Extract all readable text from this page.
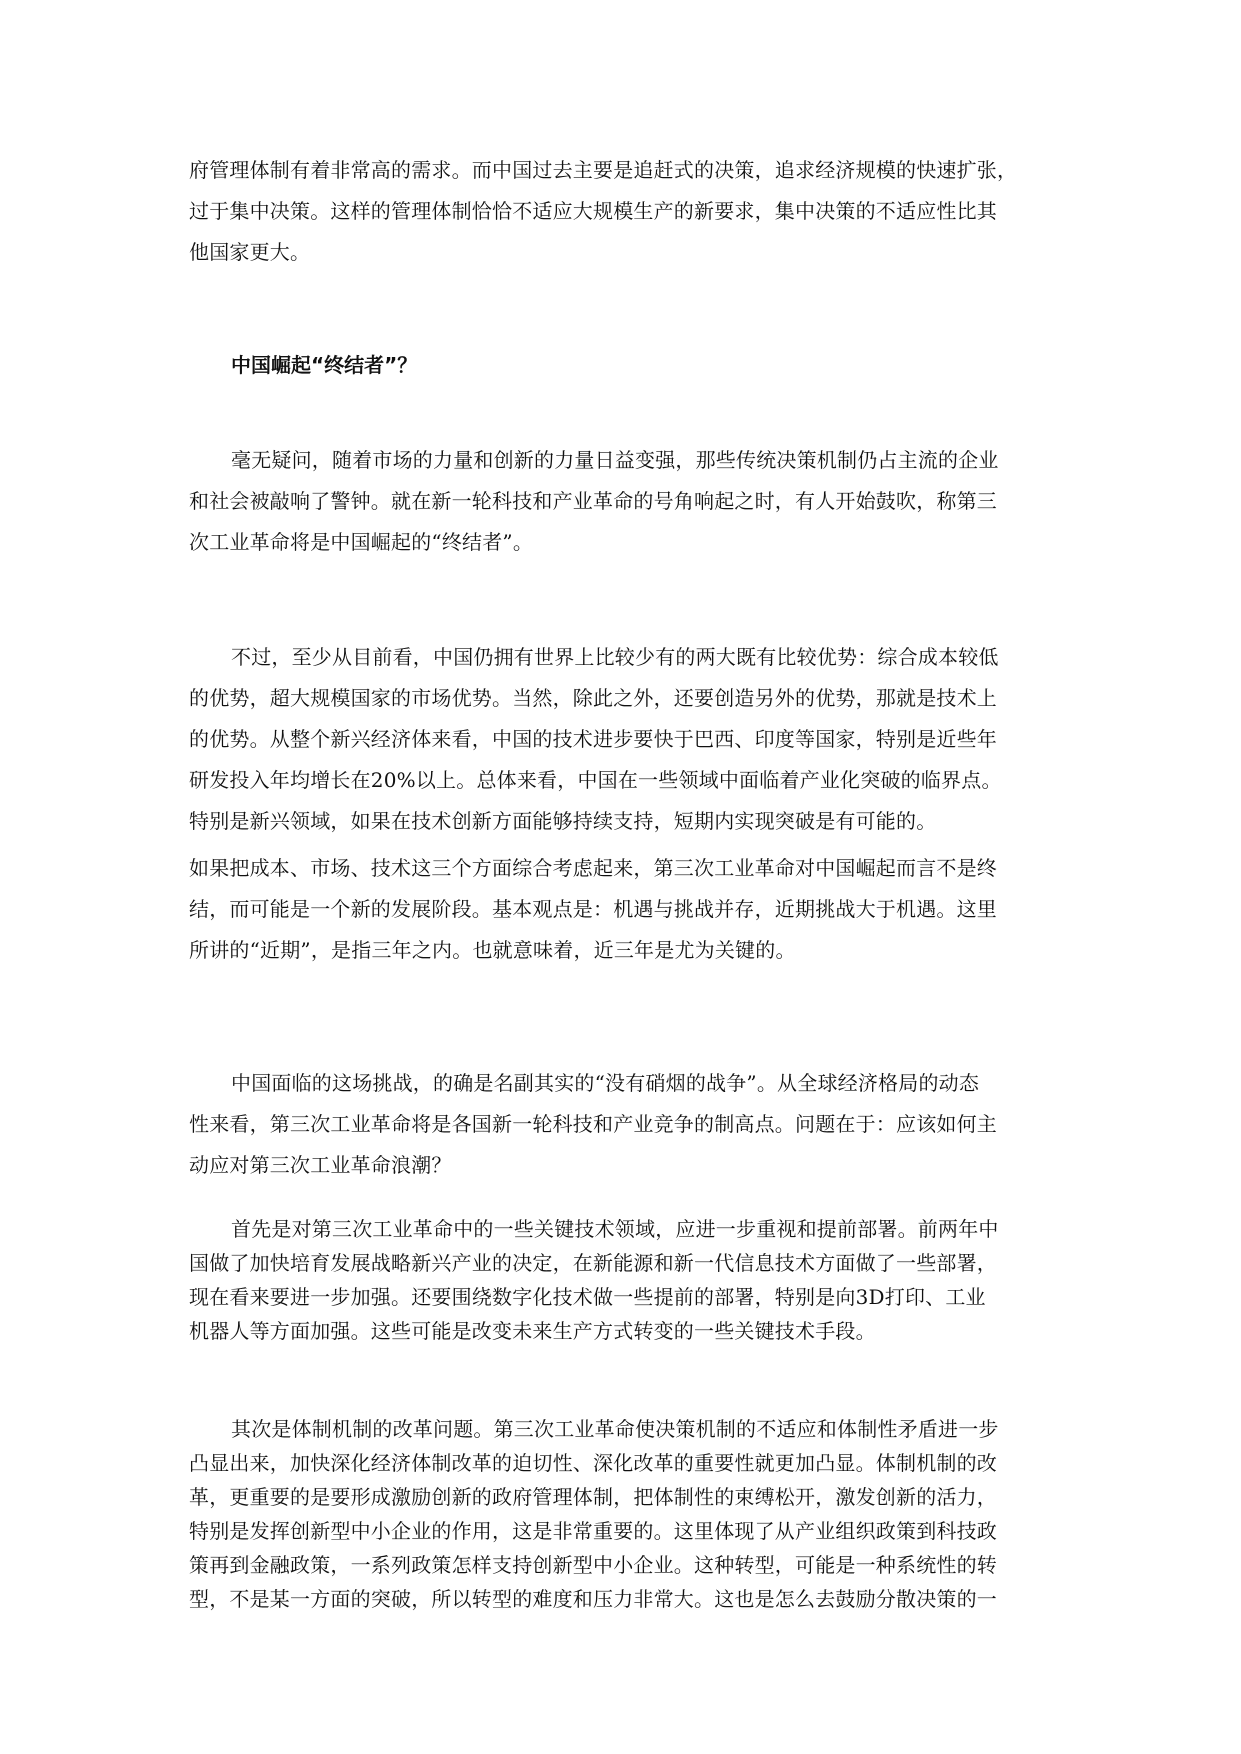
府管理体制有着非常高的需求。而中国过去主要是追赶式的决策，追求经济规模的快速扩张，
过于集中决策。这样的管理体制恰恰不适应大规模生产的新要求，集中决策的不适应性比其
他国家更大。
中国崛起“终结者”？
毫无疑问，随着市场的力量和创新的力量日益变强，那些传统决策机制仍占主流的企业
和社会被敲响了警钟。就在新一轮科技和产业革命的号角响起之时，有人开始鼓吹，称第三
次工业革命将是中国崛起的“终结者”。
不过，至少从目前看，中国仍拥有世界上比较少有的两大既有比较优势：综合成本较低
的优势，超大规模国家的市场优势。当然，除此之外，还要创造另外的优势，那就是技术上
的优势。从整个新兴经济体来看，中国的技术进步要快于巴西、印度等国家，特别是近些年
研发投入年均增长在20%以上。总体来看，中国在一些领域中面临着产业化突破的临界点。
特别是新兴领域，如果在技术创新方面能够持续支持，短期内实现突破是有可能的。
如果把成本、市场、技术这三个方面综合考虑起来，第三次工业革命对中国崛起而言不是终
结，而可能是一个新的发展阶段。基本观点是：机遇与挑战并存，近期挑战大于机遇。这里
所讲的“近期”，是指三年之内。也就意味着，近三年是尤为关键的。
中国面临的这场挑战，的确是名副其实的“没有硝烟的战争”。从全球经济格局的动态
性来看，第三次工业革命将是各国新一轮科技和产业竞争的制高点。问题在于：应该如何主
动应对第三次工业革命浪潮？
首先是对第三次工业革命中的一些关键技术领域，应进一步重视和提前部署。前两年中
国做了加快培育发展战略新兴产业的决定，在新能源和新一代信息技术方面做了一些部署，
现在看来要进一步加强。还要围绕数字化技术做一些提前的部署，特别是向3D打印、工业
机器人等方面加强。这些可能是改变未来生产方式转变的一些关键技术手段。
其次是体制机制的改革问题。第三次工业革命使决策机制的不适应和体制性矛盾进一步
凸显出来，加快深化经济体制改革的迫切性、深化改革的重要性就更加凸显。体制机制的改
革，更重要的是要形成激励创新的政府管理体制，把体制性的束缚松开，激发创新的活力，
特别是发挥创新型中小企业的作用，这是非常重要的。这里体现了从产业组织政策到科技政
策再到金融政策，一系列政策怎样支持创新型中小企业。这种转型，可能是一种系统性的转
型，不是某一方面的突破，所以转型的难度和压力非常大。这也是怎么去鼓励分散决策的一
